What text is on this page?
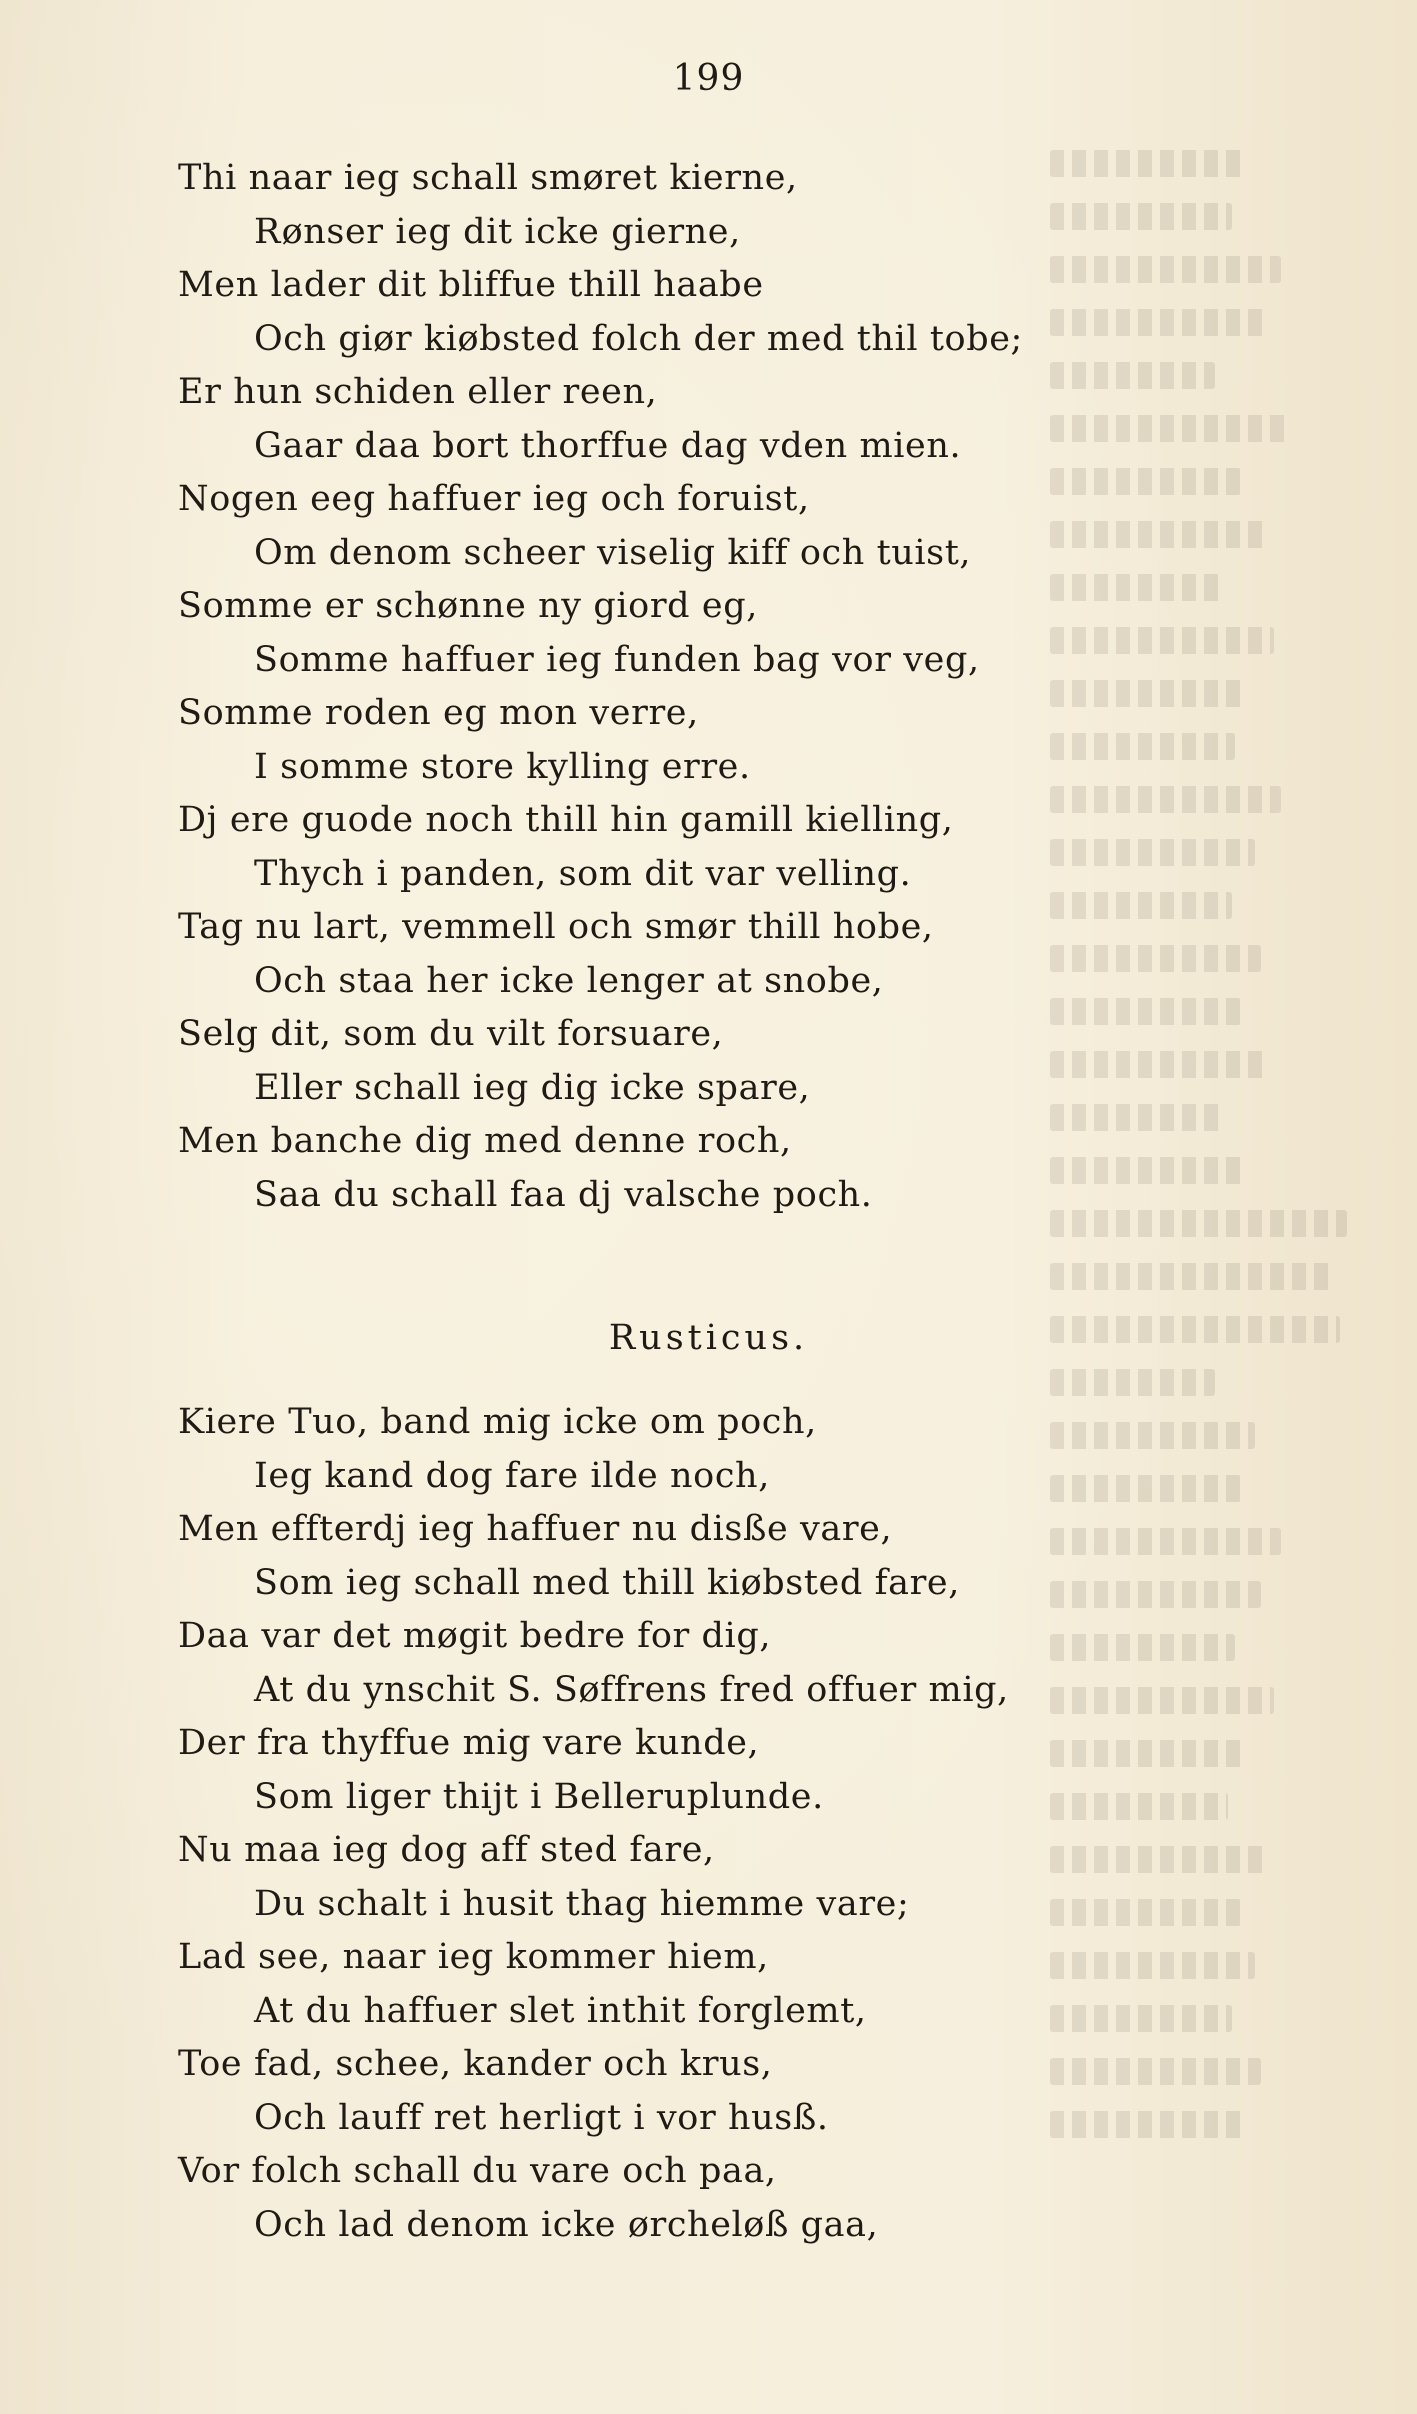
199
Thi naar ieg schall smøret kierne,
Rønser ieg dit icke gierne,
Men lader dit bliffue thill haabe
Och giør kiøbsted folch der med thil tobe;
Er hun schiden eller reen,
Gaar daa bort thorffue dag vden mien.
Nogen eeg haffuer ieg och foruist,
Om denom scheer viselig kiff och tuist,
Somme er schønne ny giord eg,
Somme haffuer ieg funden bag vor veg,
Somme roden eg mon verre,
I somme store kylling erre.
Dj ere guode noch thill hin gamill kielling,
Thych i panden, som dit var velling.
Tag nu lart, vemmell och smør thill hobe,
Och staa her icke lenger at snobe,
Selg dit, som du vilt forsuare,
Eller schall ieg dig icke spare,
Men banche dig med denne roch,
Saa du schall faa dj valsche poch.
Rusticus.
Kiere Tuo, band mig icke om poch,
Ieg kand dog fare ilde noch,
Men effterdj ieg haffuer nu disße vare,
Som ieg schall med thill kiøbsted fare,
Daa var det møgit bedre for dig,
At du ynschit S. Søffrens fred offuer mig,
Der fra thyffue mig vare kunde,
Som liger thijt i Belleruplunde.
Nu maa ieg dog aff sted fare,
Du schalt i husit thag hiemme vare;
Lad see, naar ieg kommer hiem,
At du haffuer slet inthit forglemt,
Toe fad, schee, kander och krus,
Och lauff ret herligt i vor husß.
Vor folch schall du vare och paa,
Och lad denom icke ørcheløß gaa,
